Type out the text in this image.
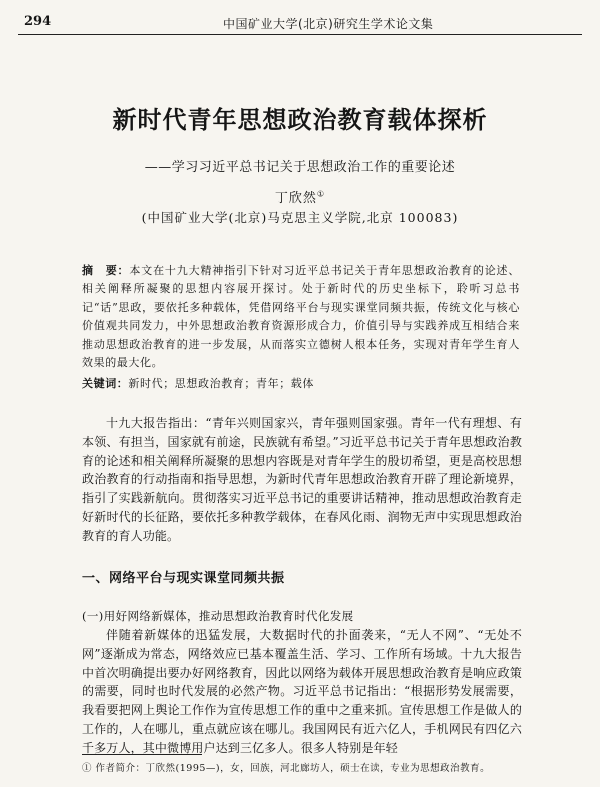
294	中国矿业大学(北京)研究生学术论文集
新时代青年思想政治教育载体探析
——学习习近平总书记关于思想政治工作的重要论述
丁欣然①
(中国矿业大学(北京)马克思主义学院,北京 100083)
摘　要：本文在十九大精神指引下针对习近平总书记关于青年思想政治教育的论述、相关阐释所凝聚的思想内容展开探讨。处于新时代的历史坐标下，聆听习总书记“话”思政，要依托多种载体，凭借网络平台与现实课堂同频共振，传统文化与核心价值观共同发力，中外思想政治教育资源形成合力，价值引导与实践养成互相结合来推动思想政治教育的进一步发展，从而落实立德树人根本任务，实现对青年学生育人效果的最大化。
关键词：新时代；思想政治教育；青年；载体
十九大报告指出：“青年兴则国家兴，青年强则国家强。青年一代有理想、有本领、有担当，国家就有前途，民族就有希望。”习近平总书记关于青年思想政治教育的论述和相关阐释所凝聚的思想内容既是对青年学生的殷切希望，更是高校思想政治教育的行动指南和指导思想，为新时代青年思想政治教育开辟了理论新境界，指引了实践新航向。贯彻落实习近平总书记的重要讲话精神，推动思想政治教育走好新时代的长征路，要依托多种教学载体，在春风化雨、润物无声中实现思想政治教育的育人功能。
一、网络平台与现实课堂同频共振
(一)用好网络新媒体，推动思想政治教育时代化发展
伴随着新媒体的迅猛发展，大数据时代的扑面袭来，“无人不网”、“无处不网”逐渐成为常态，网络效应已基本覆盖生活、学习、工作所有场域。十九大报告中首次明确提出要办好网络教育，因此以网络为载体开展思想政治教育是响应政策的需要，同时也时代发展的必然产物。习近平总书记指出：“根据形势发展需要，我看要把网上舆论工作作为宣传思想工作的重中之重来抓。宣传思想工作是做人的工作的，人在哪儿，重点就应该在哪儿。我国网民有近六亿人，手机网民有四亿六千多万人，其中微博用户达到三亿多人。很多人特别是年轻
① 作者简介：丁欣然(1995—)，女，回族，河北廊坊人，硕士在读，专业为思想政治教育。
